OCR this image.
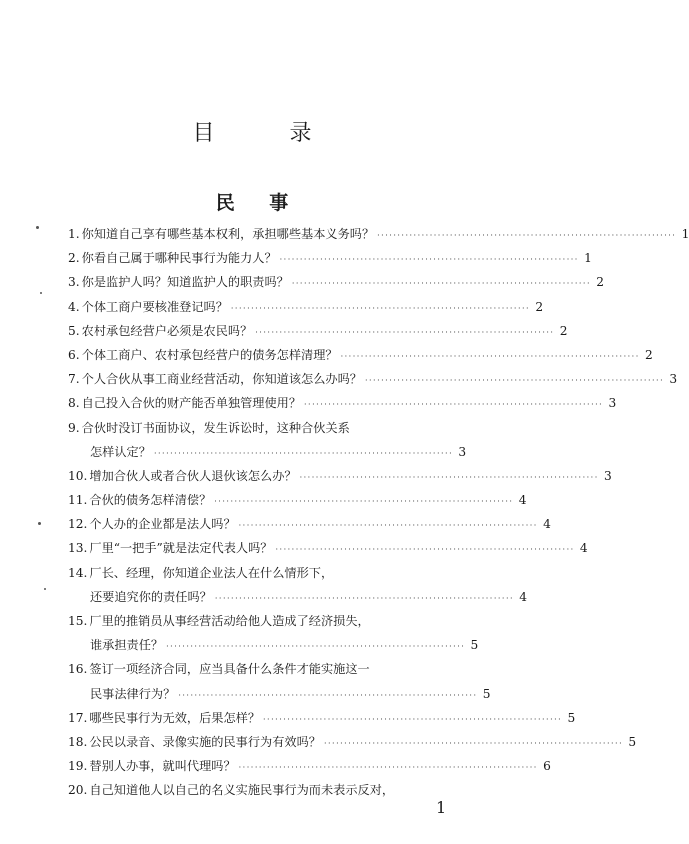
目 录
民 事
1. 你知道自己享有哪些基本权利，承担哪些基本义务吗？ ·········································································· 1
2. 你看自己属于哪种民事行为能力人？ ·········································································· 1
3. 你是监护人吗？知道监护人的职责吗？ ·········································································· 2
4. 个体工商户要核准登记吗？ ·········································································· 2
5. 农村承包经营户必须是农民吗？ ·········································································· 2
6. 个体工商户、农村承包经营户的债务怎样清理？ ·········································································· 2
7. 个人合伙从事工商业经营活动，你知道该怎么办吗？ ·········································································· 3
8. 自己投入合伙的财产能否单独管理使用？ ·········································································· 3
9. 合伙时没订书面协议，发生诉讼时，这种合伙关系
怎样认定？ ·········································································· 3
10. 增加合伙人或者合伙人退伙该怎么办？ ·········································································· 3
11. 合伙的债务怎样清偿？ ·········································································· 4
12. 个人办的企业都是法人吗？ ·········································································· 4
13. 厂里“一把手”就是法定代表人吗？ ·········································································· 4
14. 厂长、经理，你知道企业法人在什么情形下，
还要追究你的责任吗？ ·········································································· 4
15. 厂里的推销员从事经营活动给他人造成了经济损失，
谁承担责任？ ·········································································· 5
16. 签订一项经济合同，应当具备什么条件才能实施这一
民事法律行为？ ·········································································· 5
17. 哪些民事行为无效，后果怎样？ ·········································································· 5
18. 公民以录音、录像实施的民事行为有效吗？ ·········································································· 5
19. 替别人办事，就叫代理吗？ ·········································································· 6
20. 自己知道他人以自己的名义实施民事行为而未表示反对，
1
